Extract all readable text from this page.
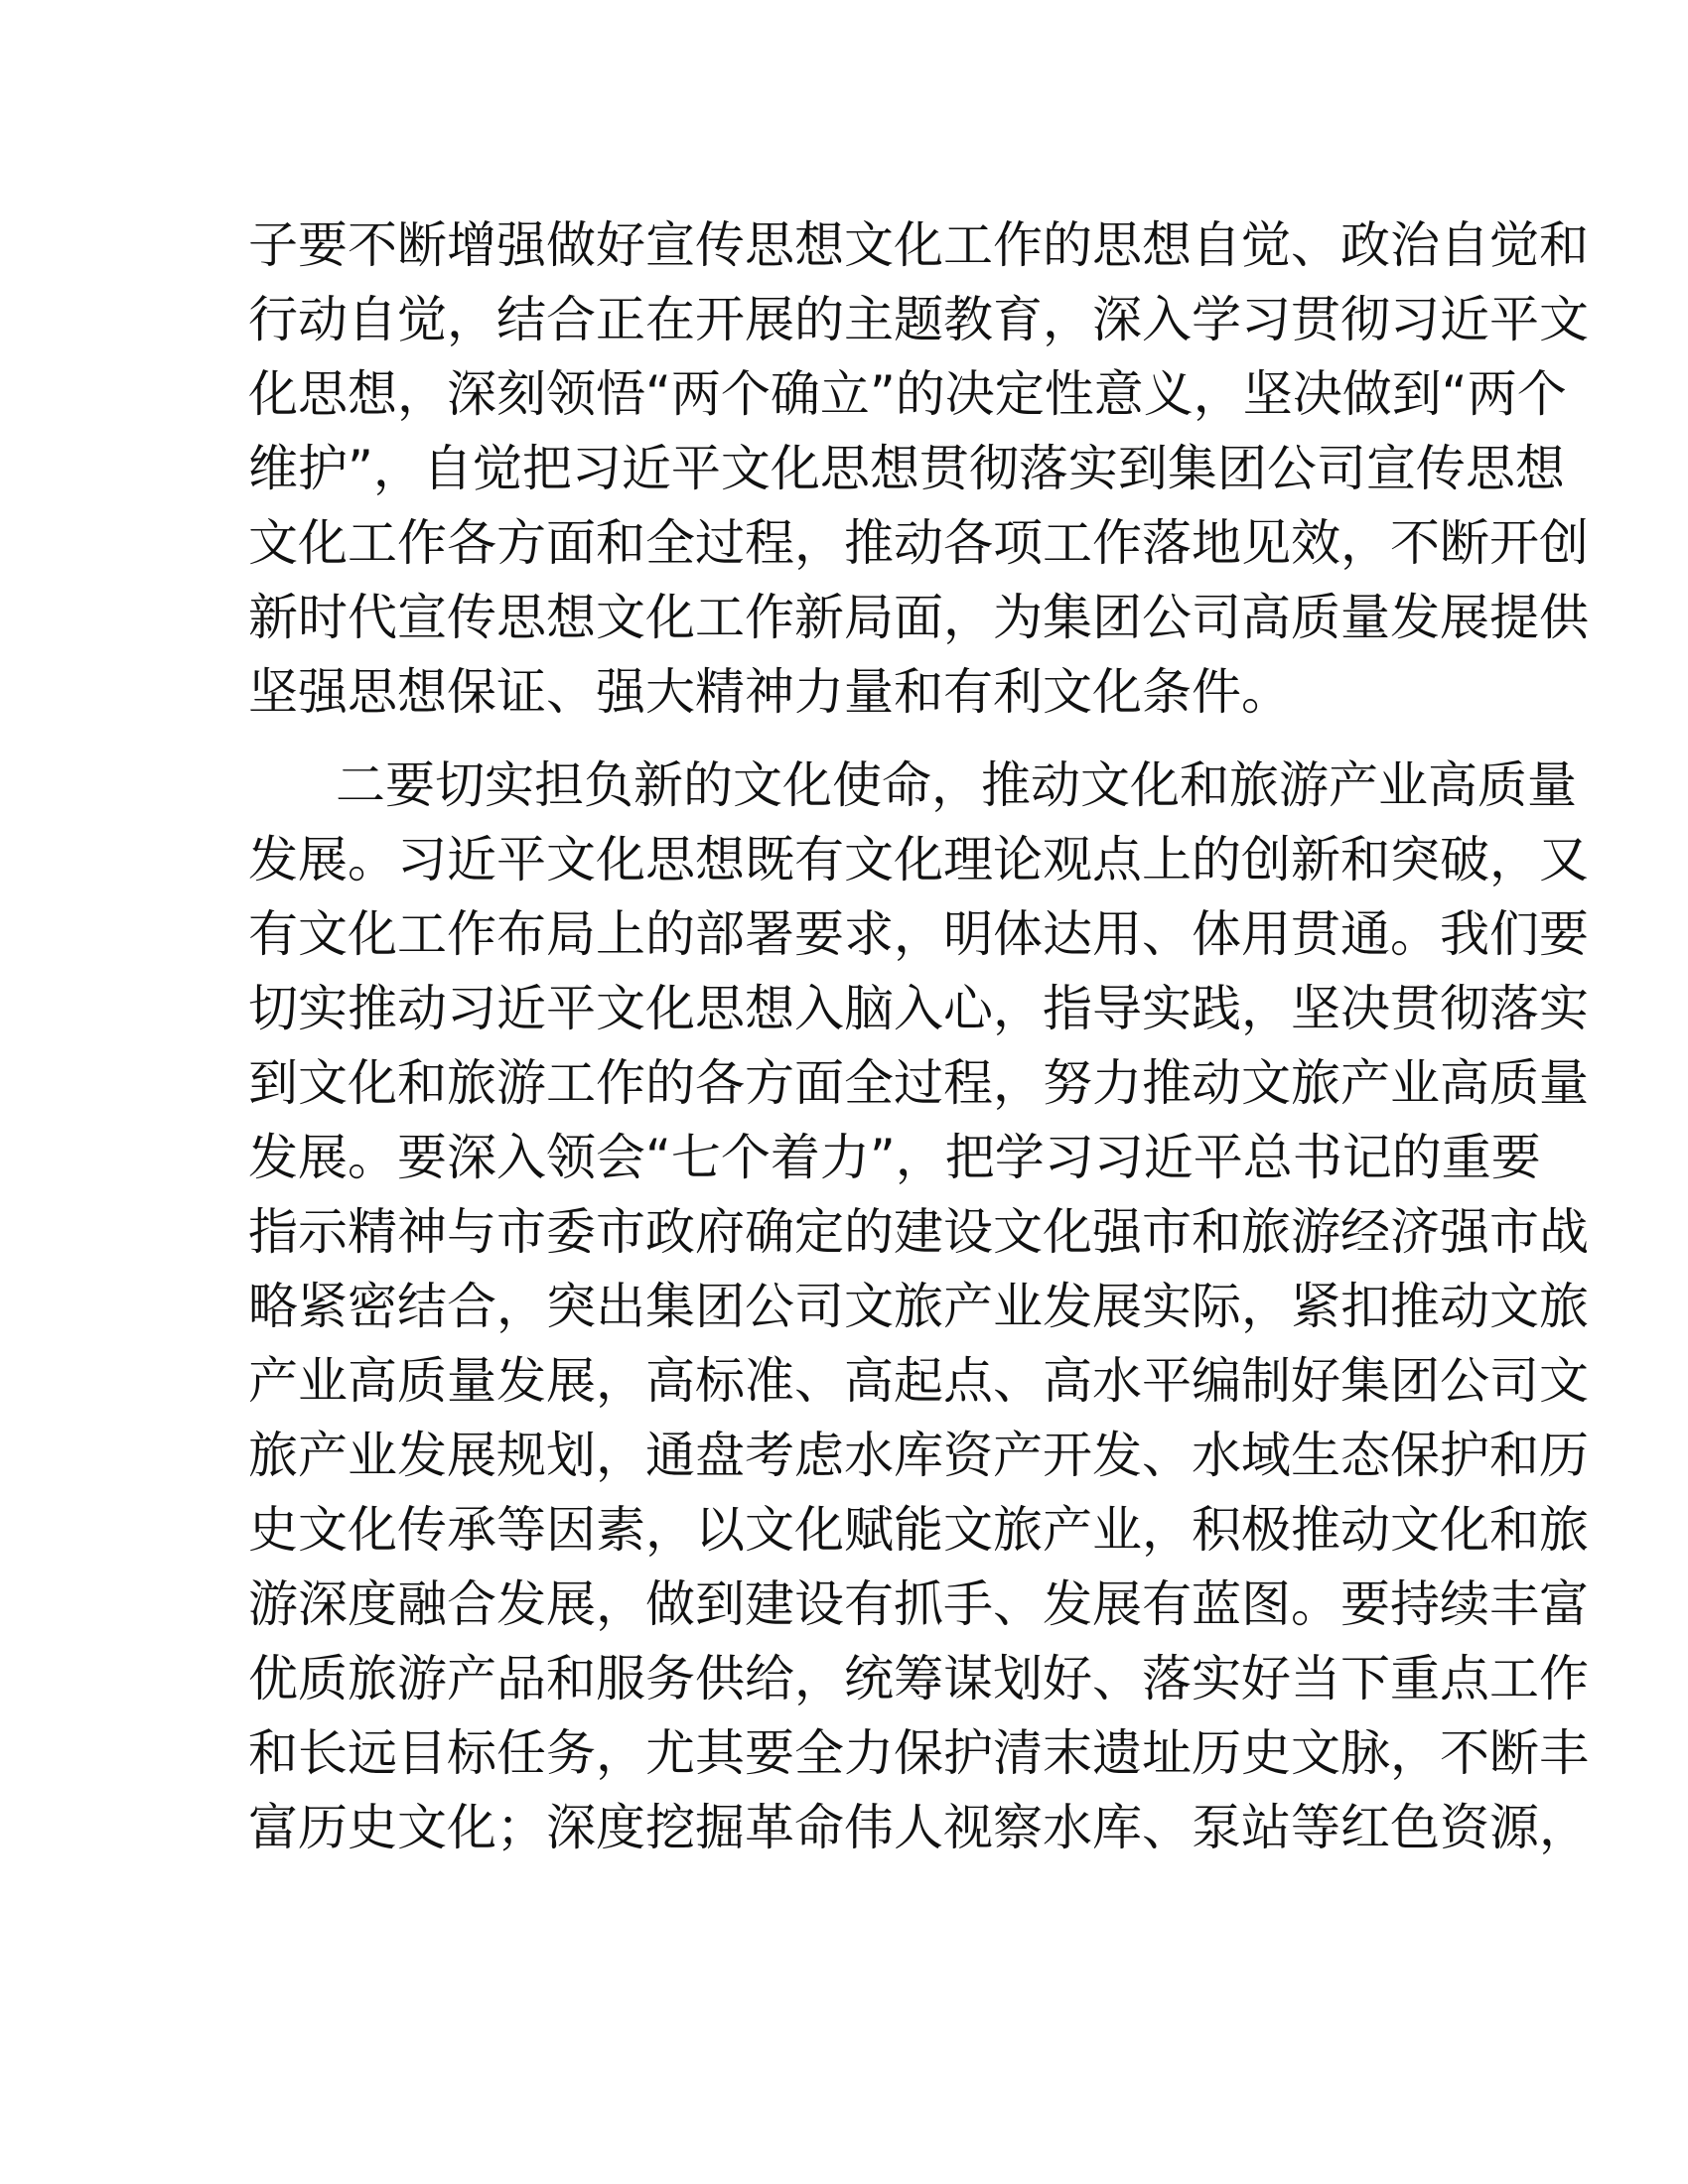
子要不断增强做好宣传思想文化工作的思想自觉、政治自觉和
行动自觉，结合正在开展的主题教育，深入学习贯彻习近平文
化思想，深刻领悟“两个确立”的决定性意义，坚决做到“两个
维护”，自觉把习近平文化思想贯彻落实到集团公司宣传思想
文化工作各方面和全过程，推动各项工作落地见效，不断开创
新时代宣传思想文化工作新局面，为集团公司高质量发展提供
坚强思想保证、强大精神力量和有利文化条件。
二要切实担负新的文化使命，推动文化和旅游产业高质量
发展。习近平文化思想既有文化理论观点上的创新和突破，又
有文化工作布局上的部署要求，明体达用、体用贯通。我们要
切实推动习近平文化思想入脑入心，指导实践，坚决贯彻落实
到文化和旅游工作的各方面全过程，努力推动文旅产业高质量
发展。要深入领会“七个着力”，把学习习近平总书记的重要
指示精神与市委市政府确定的建设文化强市和旅游经济强市战
略紧密结合，突出集团公司文旅产业发展实际，紧扣推动文旅
产业高质量发展，高标准、高起点、高水平编制好集团公司文
旅产业发展规划，通盘考虑水库资产开发、水域生态保护和历
史文化传承等因素，以文化赋能文旅产业，积极推动文化和旅
游深度融合发展，做到建设有抓手、发展有蓝图。要持续丰富
优质旅游产品和服务供给，统筹谋划好、落实好当下重点工作
和长远目标任务，尤其要全力保护清末遗址历史文脉，不断丰
富历史文化；深度挖掘革命伟人视察水库、泵站等红色资源，
